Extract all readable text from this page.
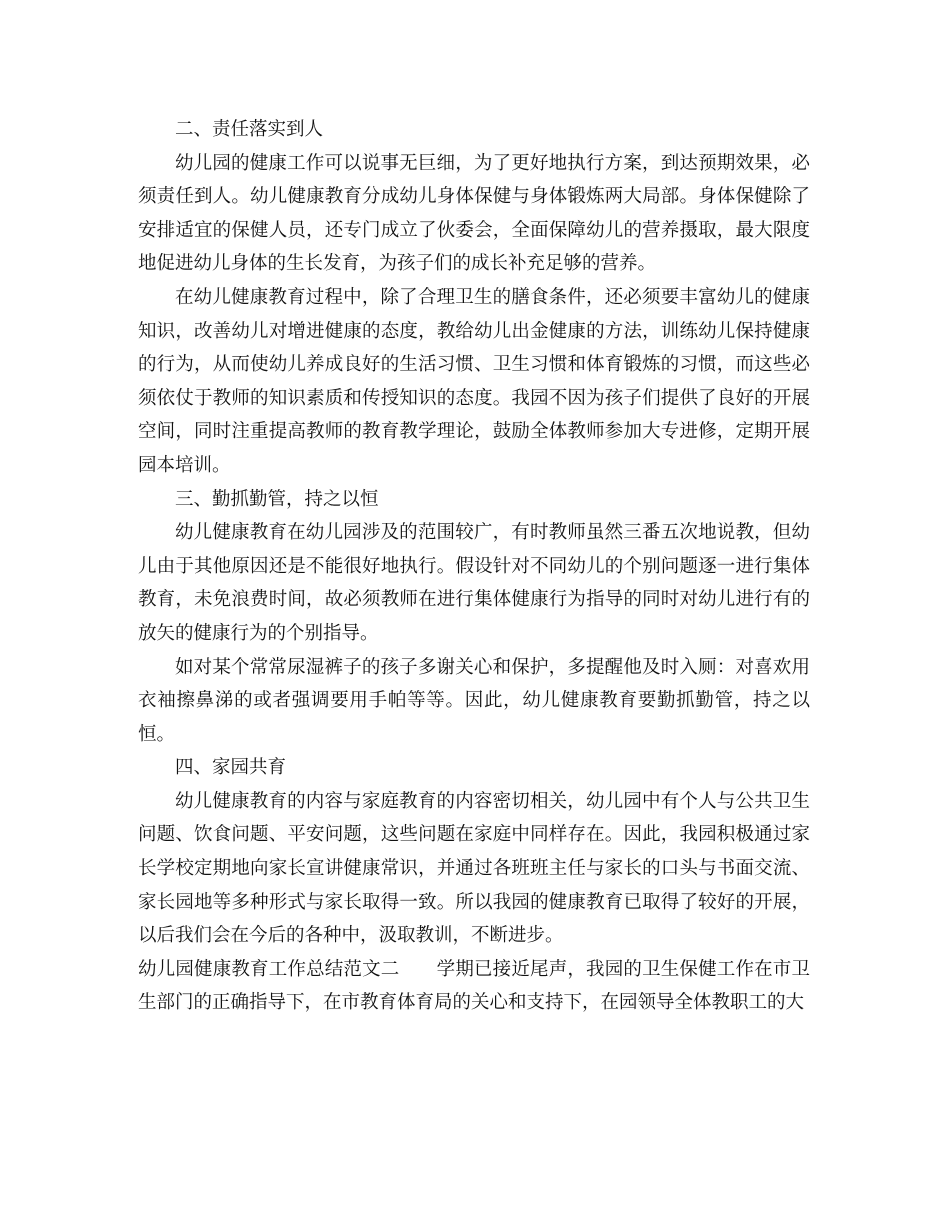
二、责任落实到人

幼儿园的健康工作可以说事无巨细，为了更好地执行方案，到达预期效果，必须责任到人。幼儿健康教育分成幼儿身体保健与身体锻炼两大局部。身体保健除了安排适宜的保健人员，还专门成立了伙委会，全面保障幼儿的营养摄取，最大限度地促进幼儿身体的生长发育，为孩子们的成长补充足够的营养。

在幼儿健康教育过程中，除了合理卫生的膳食条件，还必须要丰富幼儿的健康知识，改善幼儿对增进健康的态度，教给幼儿出金健康的方法，训练幼儿保持健康的行为，从而使幼儿养成良好的生活习惯、卫生习惯和体育锻炼的习惯，而这些必须依仗于教师的知识素质和传授知识的态度。我园不因为孩子们提供了良好的开展空间，同时注重提高教师的教育教学理论，鼓励全体教师参加大专进修，定期开展园本培训。

三、勤抓勤管，持之以恒

幼儿健康教育在幼儿园涉及的范围较广，有时教师虽然三番五次地说教，但幼儿由于其他原因还是不能很好地执行。假设针对不同幼儿的个别问题逐一进行集体教育，未免浪费时间，故必须教师在进行集体健康行为指导的同时对幼儿进行有的放矢的健康行为的个别指导。

如对某个常常尿湿裤子的孩子多谢关心和保护，多提醒他及时入厕：对喜欢用衣袖擦鼻涕的或者强调要用手帕等等。因此，幼儿健康教育要勤抓勤管，持之以恒。

四、家园共育

幼儿健康教育的内容与家庭教育的内容密切相关，幼儿园中有个人与公共卫生问题、饮食问题、平安问题，这些问题在家庭中同样存在。因此，我园积极通过家长学校定期地向家长宣讲健康常识，并通过各班班主任与家长的口头与书面交流、家长园地等多种形式与家长取得一致。所以我园的健康教育已取得了较好的开展，以后我们会在今后的各种中，汲取教训，不断进步。

幼儿园健康教育工作总结范文二 学期已接近尾声，我园的卫生保健工作在市卫生部门的正确指导下，在市教育体育局的关心和支持下，在园领导全体教职工的大
